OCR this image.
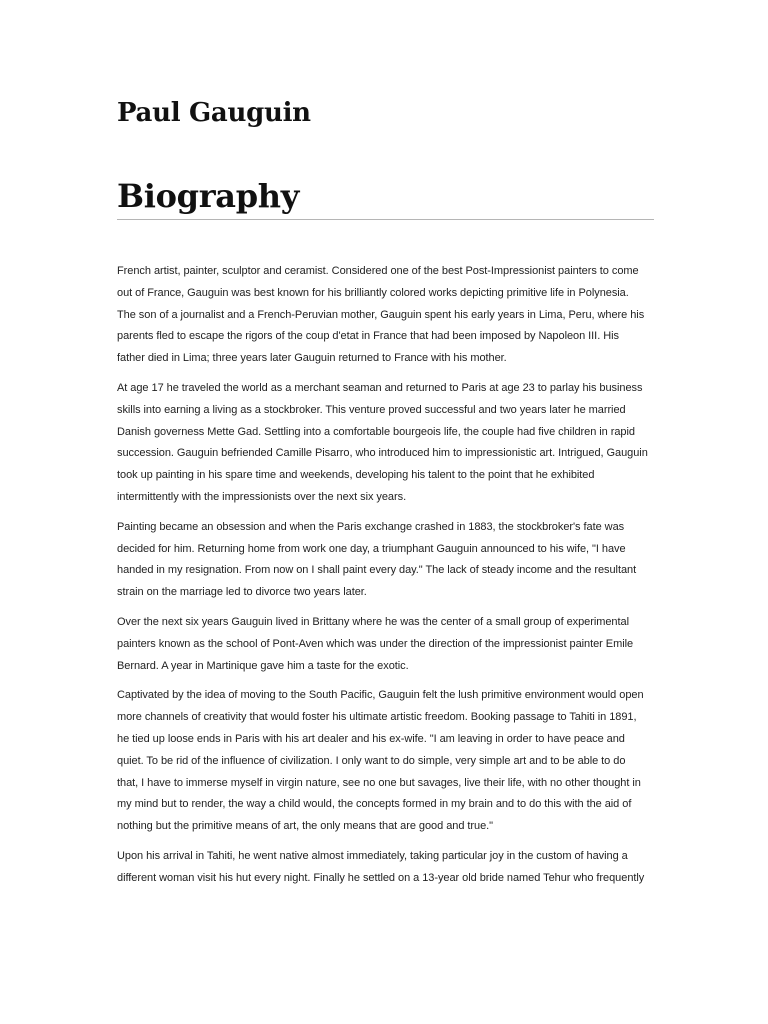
Paul Gauguin
Biography

French artist, painter, sculptor and ceramist. Considered one of the best Post-Impressionist painters to come
out of France, Gauguin was best known for his brilliantly colored works depicting primitive life in Polynesia.
The son of a journalist and a French-Peruvian mother, Gauguin spent his early years in Lima, Peru, where his
parents fled to escape the rigors of the coup d'etat in France that had been imposed by Napoleon III. His
father died in Lima; three years later Gauguin returned to France with his mother.

At age 17 he traveled the world as a merchant seaman and returned to Paris at age 23 to parlay his business
skills into earning a living as a stockbroker. This venture proved successful and two years later he married
Danish governess Mette Gad. Settling into a comfortable bourgeois life, the couple had five children in rapid
succession. Gauguin befriended Camille Pisarro, who introduced him to impressionistic art. Intrigued, Gauguin
took up painting in his spare time and weekends, developing his talent to the point that he exhibited
intermittently with the impressionists over the next six years.

Painting became an obsession and when the Paris exchange crashed in 1883, the stockbroker's fate was
decided for him. Returning home from work one day, a triumphant Gauguin announced to his wife, "I have
handed in my resignation. From now on I shall paint every day." The lack of steady income and the resultant
strain on the marriage led to divorce two years later.

Over the next six years Gauguin lived in Brittany where he was the center of a small group of experimental
painters known as the school of Pont-Aven which was under the direction of the impressionist painter Emile
Bernard. A year in Martinique gave him a taste for the exotic.

Captivated by the idea of moving to the South Pacific, Gauguin felt the lush primitive environment would open
more channels of creativity that would foster his ultimate artistic freedom. Booking passage to Tahiti in 1891,
he tied up loose ends in Paris with his art dealer and his ex-wife. "I am leaving in order to have peace and
quiet. To be rid of the influence of civilization. I only want to do simple, very simple art and to be able to do
that, I have to immerse myself in virgin nature, see no one but savages, live their life, with no other thought in
my mind but to render, the way a child would, the concepts formed in my brain and to do this with the aid of
nothing but the primitive means of art, the only means that are good and true."

Upon his arrival in Tahiti, he went native almost immediately, taking particular joy in the custom of having a
different woman visit his hut every night. Finally he settled on a 13-year old bride named Tehur who frequently
